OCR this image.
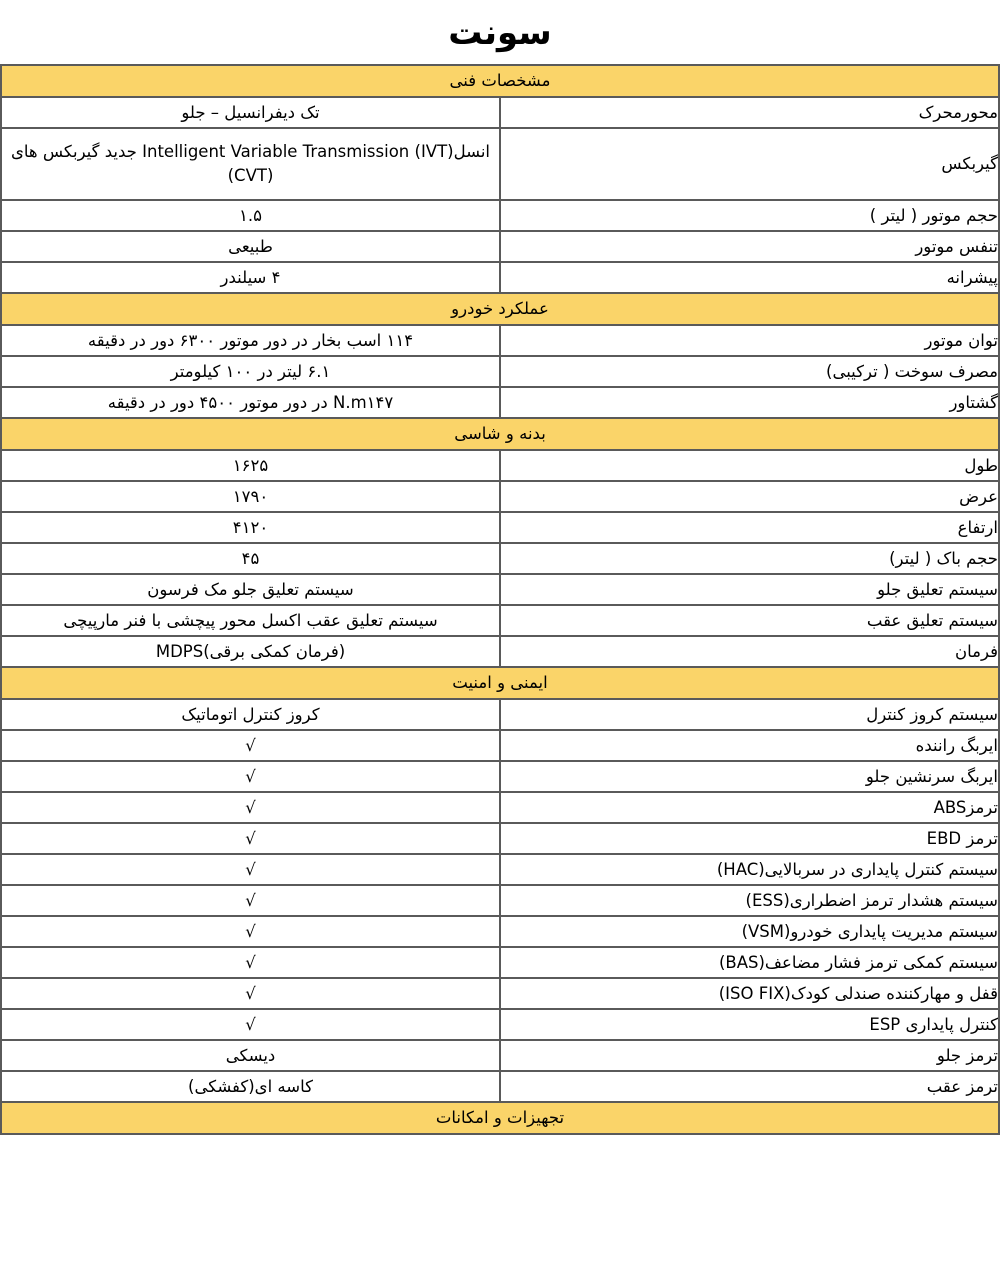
سونت
مشخصات فنی	
محورمحرک	تک دیفرانسیل – جلو
گیربکس	انسلIntelligent Variable Transmission (IVT) جدید گیربکس های (CVT)
حجم موتور ( لیتر )	۱.۵
تنفس موتور	طبیعی
پیشرانه	۴ سیلندر
عملکرد خودرو	
توان موتور	۱۱۴ اسب بخار در دور موتور ۶۳۰۰ دور در دقیقه
مصرف سوخت ( ترکیبی)	۶.۱ لیتر در ۱۰۰ کیلومتر
گشتاور	N.m۱۴۷ در دور موتور ۴۵۰۰ دور در دقیقه
بدنه و شاسی	
طول	۱۶۲۵
عرض	۱۷۹۰
ارتفاع	۴۱۲۰
حجم باک ( لیتر)	۴۵
سیستم تعلیق جلو	سیستم تعلیق جلو مک فرسون
سیستم تعلیق عقب	سیستم تعلیق عقب اکسل محور پیچشی با فنر مارپیچی
فرمان	(فرمان کمکی برقی)MDPS
ایمنی و امنیت	
سیستم کروز کنترل	کروز کنترل اتوماتیک
ایربگ راننده	√
ایربگ سرنشین جلو	√
ترمزABS	√
ترمز EBD	√
سیستم کنترل پایداری در سربالایی(HAC)	√
سیستم هشدار ترمز اضطراری(ESS)	√
سیستم مدیریت پایداری خودرو(VSM)	√
سیستم کمکی ترمز فشار مضاعف(BAS)	√
قفل و مهارکننده صندلی کودک(ISO FIX)	√
کنترل پایداری ESP	√
ترمز جلو	دیسکی
ترمز عقب	کاسه ای(کفشکی)
تجهیزات و امکانات	
